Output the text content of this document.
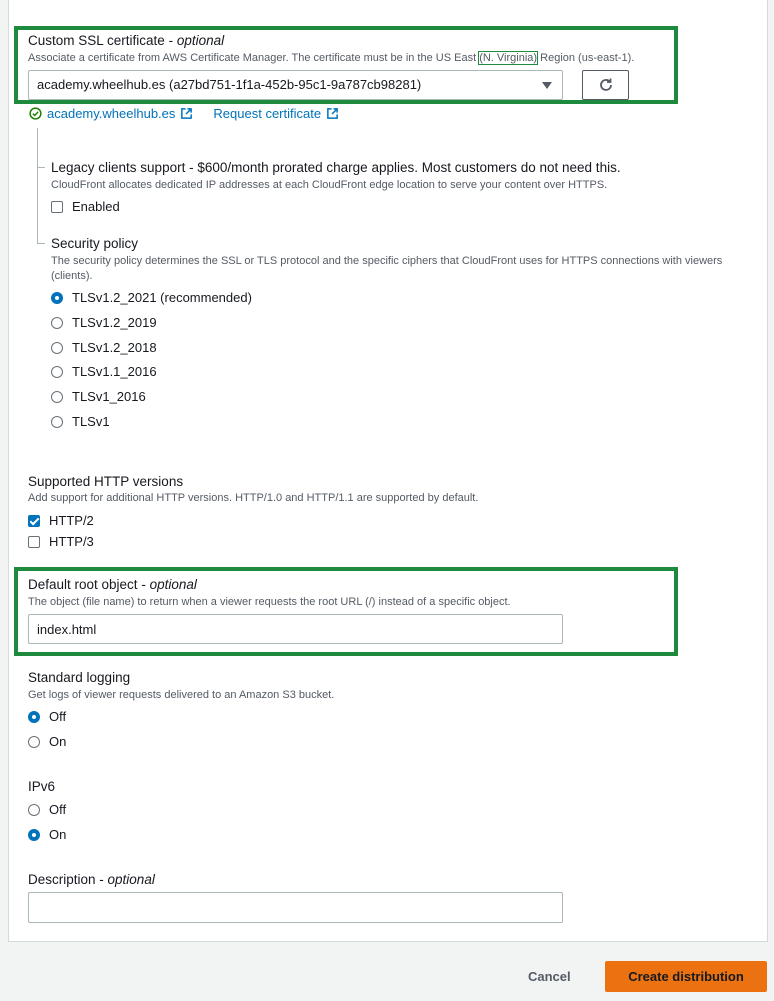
Custom SSL certificate - optional
Associate a certificate from AWS Certificate Manager. The certificate must be in the US East (N. Virginia) Region (us-east-1).
academy.wheelhub.es (a27bd751-1f1a-452b-95c1-9a787cb98281)
academy.wheelhub.es	Request certificate
Legacy clients support - $600/month prorated charge applies. Most customers do not need this.
CloudFront allocates dedicated IP addresses at each CloudFront edge location to serve your content over HTTPS.
Enabled
Security policy
The security policy determines the SSL or TLS protocol and the specific ciphers that CloudFront uses for HTTPS connections with viewers (clients).
TLSv1.2_2021 (recommended)
TLSv1.2_2019
TLSv1.2_2018
TLSv1.1_2016
TLSv1_2016
TLSv1
Supported HTTP versions
Add support for additional HTTP versions. HTTP/1.0 and HTTP/1.1 are supported by default.
HTTP/2
HTTP/3
Default root object - optional
The object (file name) to return when a viewer requests the root URL (/) instead of a specific object.
index.html
Standard logging
Get logs of viewer requests delivered to an Amazon S3 bucket.
Off
On
IPv6
Off
On
Description - optional
Cancel	Create distribution
